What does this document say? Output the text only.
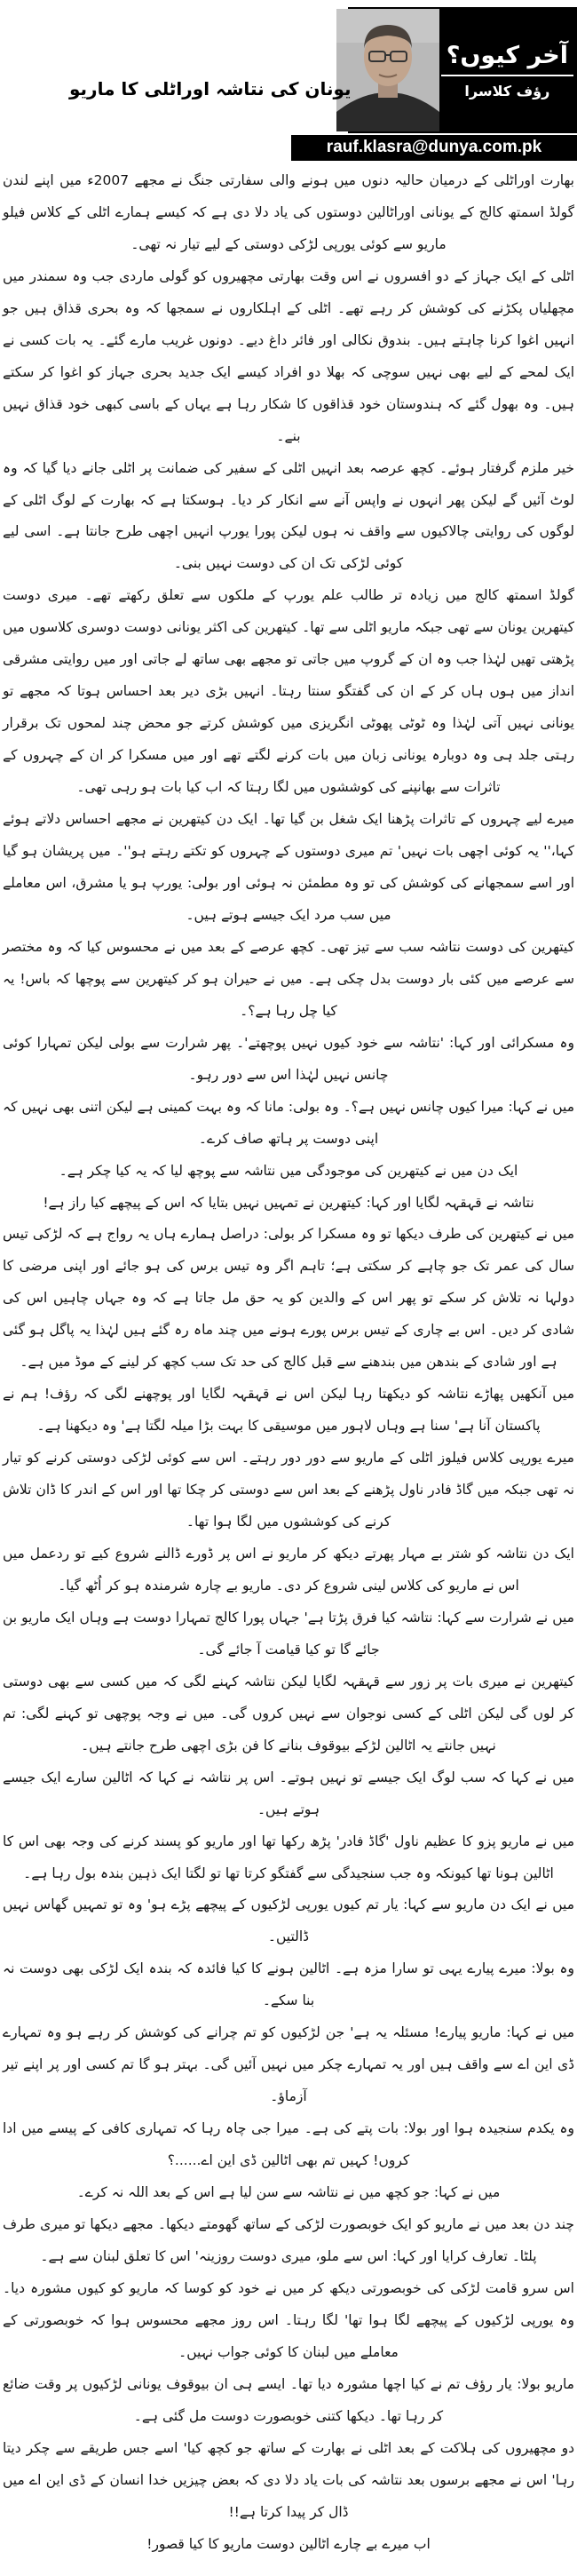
آخر کیوں؟
رؤف کلاسرا
rauf.klasra@dunya.com.pk
یونان کی نتاشہ اوراٹلی کا ماریو

بھارت اوراٹلی کے درمیان حالیہ دنوں میں ہونے والی سفارتی جنگ نے مجھے 2007ء میں اپنے لندن گولڈ اسمتھ کالج کے یونانی اوراٹالین دوستوں کی یاد دلا دی ہے کہ کیسے ہمارے اٹلی کے کلاس فیلو ماریو سے کوئی یورپی لڑکی دوستی کے لیے تیار نہ تھی۔

اٹلی کے ایک جہاز کے دو افسروں نے اس وقت بھارتی مچھیروں کو گولی ماردی جب وہ سمندر میں مچھلیاں پکڑنے کی کوشش کر رہے تھے۔ اٹلی کے اہلکاروں نے سمجھا کہ وہ بحری قذاق ہیں جو انہیں اغوا کرنا چاہتے ہیں۔ بندوق نکالی اور فائر داغ دیے۔ دونوں غریب مارے گئے۔ یہ بات کسی نے ایک لمحے کے لیے بھی نہیں سوچی کہ بھلا دو افراد کیسے ایک جدید بحری جہاز کو اغوا کر سکتے ہیں۔ وہ بھول گئے کہ ہندوستان خود قذاقوں کا شکار رہا ہے یہاں کے باسی کبھی خود قذاق نہیں بنے۔

خیر ملزم گرفتار ہوئے۔ کچھ عرصہ بعد انہیں اٹلی کے سفیر کی ضمانت پر اٹلی جانے دیا گیا کہ وہ لوٹ آئیں گے لیکن پھر انہوں نے واپس آنے سے انکار کر دیا۔ ہوسکتا ہے کہ بھارت کے لوگ اٹلی کے لوگوں کی روایتی چالاکیوں سے واقف نہ ہوں لیکن پورا یورپ انہیں اچھی طرح جانتا ہے۔ اسی لیے کوئی لڑکی تک ان کی دوست نہیں بنی۔

گولڈ اسمتھ کالج میں زیادہ تر طالب علم یورپ کے ملکوں سے تعلق رکھتے تھے۔ میری دوست کیتھرین یونان سے تھی جبکہ ماریو اٹلی سے تھا۔ کیتھرین کی اکثر یونانی دوست دوسری کلاسوں میں پڑھتی تھیں لہٰذا جب وہ ان کے گروپ میں جاتی تو مجھے بھی ساتھ لے جاتی اور میں روایتی مشرقی انداز میں ہوں ہاں کر کے ان کی گفتگو سنتا رہتا۔ انہیں بڑی دیر بعد احساس ہوتا کہ مجھے تو یونانی نہیں آتی لہٰذا وہ ٹوٹی پھوٹی انگریزی میں کوشش کرتے جو محض چند لمحوں تک برقرار رہتی جلد ہی وہ دوبارہ یونانی زبان میں بات کرنے لگتے تھے اور میں مسکرا کر ان کے چہروں کے تاثرات سے بھانپنے کی کوششوں میں لگا رہتا کہ اب کیا بات ہو رہی تھی۔

میرے لیے چہروں کے تاثرات پڑھنا ایک شغل بن گیا تھا۔ ایک دن کیتھرین نے مجھے احساس دلاتے ہوئے کہا،'' یہ کوئی اچھی بات نہیں' تم میری دوستوں کے چہروں کو تکتے رہتے ہو''۔ میں پریشان ہو گیا اور اسے سمجھانے کی کوشش کی تو وہ مطمئن نہ ہوئی اور بولی: یورپ ہو یا مشرق، اس معاملے میں سب مرد ایک جیسے ہوتے ہیں۔

کیتھرین کی دوست نتاشہ سب سے تیز تھی۔ کچھ عرصے کے بعد میں نے محسوس کیا کہ وہ مختصر سے عرصے میں کئی بار دوست بدل چکی ہے۔ میں نے حیران ہو کر کیتھرین سے پوچھا کہ باس! یہ کیا چل رہا ہے؟۔

وہ مسکرائی اور کہا: 'نتاشہ سے خود کیوں نہیں پوچھتے'۔ پھر شرارت سے بولی لیکن تمہارا کوئی چانس نہیں لہٰذا اس سے دور رہو۔

میں نے کہا: میرا کیوں چانس نہیں ہے؟۔ وہ بولی: مانا کہ وہ بہت کمینی ہے لیکن اتنی بھی نہیں کہ اپنی دوست پر ہاتھ صاف کرے۔

ایک دن میں نے کیتھرین کی موجودگی میں نتاشہ سے پوچھ لیا کہ یہ کیا چکر ہے۔

نتاشہ نے قہقہہ لگایا اور کہا: کیتھرین نے تمہیں نہیں بتایا کہ اس کے پیچھے کیا راز ہے!

میں نے کیتھرین کی طرف دیکھا تو وہ مسکرا کر بولی: دراصل ہمارے ہاں یہ رواج ہے کہ لڑکی تیس سال کی عمر تک جو چاہے کر سکتی ہے؛ تاہم اگر وہ تیس برس کی ہو جائے اور اپنی مرضی کا دولہا نہ تلاش کر سکے تو پھر اس کے والدین کو یہ حق مل جاتا ہے کہ وہ جہاں چاہیں اس کی شادی کر دیں۔ اس بے چاری کے تیس برس پورے ہونے میں چند ماہ رہ گئے ہیں لہٰذا یہ پاگل ہو گئی ہے اور شادی کے بندھن میں بندھنے سے قبل کالج کی حد تک سب کچھ کر لینے کے موڈ میں ہے۔

میں آنکھیں پھاڑے نتاشہ کو دیکھتا رہا لیکن اس نے قہقہہ لگایا اور پوچھنے لگی کہ رؤف! ہم نے پاکستان آنا ہے' سنا ہے وہاں لاہور میں موسیقی کا بہت بڑا میلہ لگتا ہے' وہ دیکھنا ہے۔

میرے یورپی کلاس فیلوز اٹلی کے ماریو سے دور دور رہتے۔ اس سے کوئی لڑکی دوستی کرنے کو تیار نہ تھی جبکہ میں گاڈ فادر ناول پڑھنے کے بعد اس سے دوستی کر چکا تھا اور اس کے اندر کا ڈان تلاش کرنے کی کوششوں میں لگا ہوا تھا۔

ایک دن نتاشہ کو شتر بے مہار پھرتے دیکھ کر ماریو نے اس پر ڈورے ڈالنے شروع کیے تو ردعمل میں اس نے ماریو کی کلاس لینی شروع کر دی۔ ماریو بے چارہ شرمندہ ہو کر اُٹھ گیا۔

میں نے شرارت سے کہا: نتاشہ کیا فرق پڑتا ہے' جہاں پورا کالج تمہارا دوست ہے وہاں ایک ماریو بن جائے گا تو کیا قیامت آ جائے گی۔

کیتھرین نے میری بات پر زور سے قہقہہ لگایا لیکن نتاشہ کہنے لگی کہ میں کسی سے بھی دوستی کر لوں گی لیکن اٹلی کے کسی نوجوان سے نہیں کروں گی۔ میں نے وجہ پوچھی تو کہنے لگی: تم نہیں جانتے یہ اٹالین لڑکے بیوقوف بنانے کا فن بڑی اچھی طرح جانتے ہیں۔

میں نے کہا کہ سب لوگ ایک جیسے تو نہیں ہوتے۔ اس پر نتاشہ نے کہا کہ اٹالین سارے ایک جیسے ہوتے ہیں۔

میں نے ماریو پزو کا عظیم ناول 'گاڈ فادر' پڑھ رکھا تھا اور ماریو کو پسند کرنے کی وجہ بھی اس کا اٹالین ہونا تھا کیونکہ وہ جب سنجیدگی سے گفتگو کرتا تھا تو لگتا ایک ذہین بندہ بول رہا ہے۔

میں نے ایک دن ماریو سے کہا: یار تم کیوں یورپی لڑکیوں کے پیچھے پڑے ہو' وہ تو تمہیں گھاس نہیں ڈالتیں۔

وہ بولا: میرے پیارے یہی تو سارا مزہ ہے۔ اٹالین ہونے کا کیا فائدہ کہ بندہ ایک لڑکی بھی دوست نہ بنا سکے۔

میں نے کہا: ماریو پیارے! مسئلہ یہ ہے' جن لڑکیوں کو تم چرانے کی کوشش کر رہے ہو وہ تمہارے ڈی این اے سے واقف ہیں اور یہ تمہارے چکر میں نہیں آئیں گی۔ بہتر ہو گا تم کسی اور پر اپنے تیر آزماؤ۔

وہ یکدم سنجیدہ ہوا اور بولا: بات پتے کی ہے۔ میرا جی چاہ رہا کہ تمہاری کافی کے پیسے میں ادا کروں! کہیں تم بھی اٹالین ڈی این اے......؟

میں نے کہا: جو کچھ میں نے نتاشہ سے سن لیا ہے اس کے بعد اللہ نہ کرے۔

چند دن بعد میں نے ماریو کو ایک خوبصورت لڑکی کے ساتھ گھومتے دیکھا۔ مجھے دیکھا تو میری طرف پلٹا۔ تعارف کرایا اور کہا: اس سے ملو، میری دوست روزینہ' اس کا تعلق لبنان سے ہے۔

اس سرو قامت لڑکی کی خوبصورتی دیکھ کر میں نے خود کو کوسا کہ ماریو کو کیوں مشورہ دیا۔ وہ یورپی لڑکیوں کے پیچھے لگا ہوا تھا' لگا رہتا۔ اس روز مجھے محسوس ہوا کہ خوبصورتی کے معاملے میں لبنان کا کوئی جواب نہیں۔

ماریو بولا: یار رؤف تم نے کیا اچھا مشورہ دیا تھا۔ ایسے ہی ان بیوقوف یونانی لڑکیوں پر وقت ضائع کر رہا تھا۔ دیکھا کتنی خوبصورت دوست مل گئی ہے۔

دو مچھیروں کی ہلاکت کے بعد اٹلی نے بھارت کے ساتھ جو کچھ کیا' اسے جس طریقے سے چکر دیتا رہا' اس نے مجھے برسوں بعد نتاشہ کی بات یاد دلا دی کہ بعض چیزیں خدا انسان کے ڈی این اے میں ڈال کر پیدا کرتا ہے!!

اب میرے بے چارے اٹالین دوست ماریو کا کیا قصور!
